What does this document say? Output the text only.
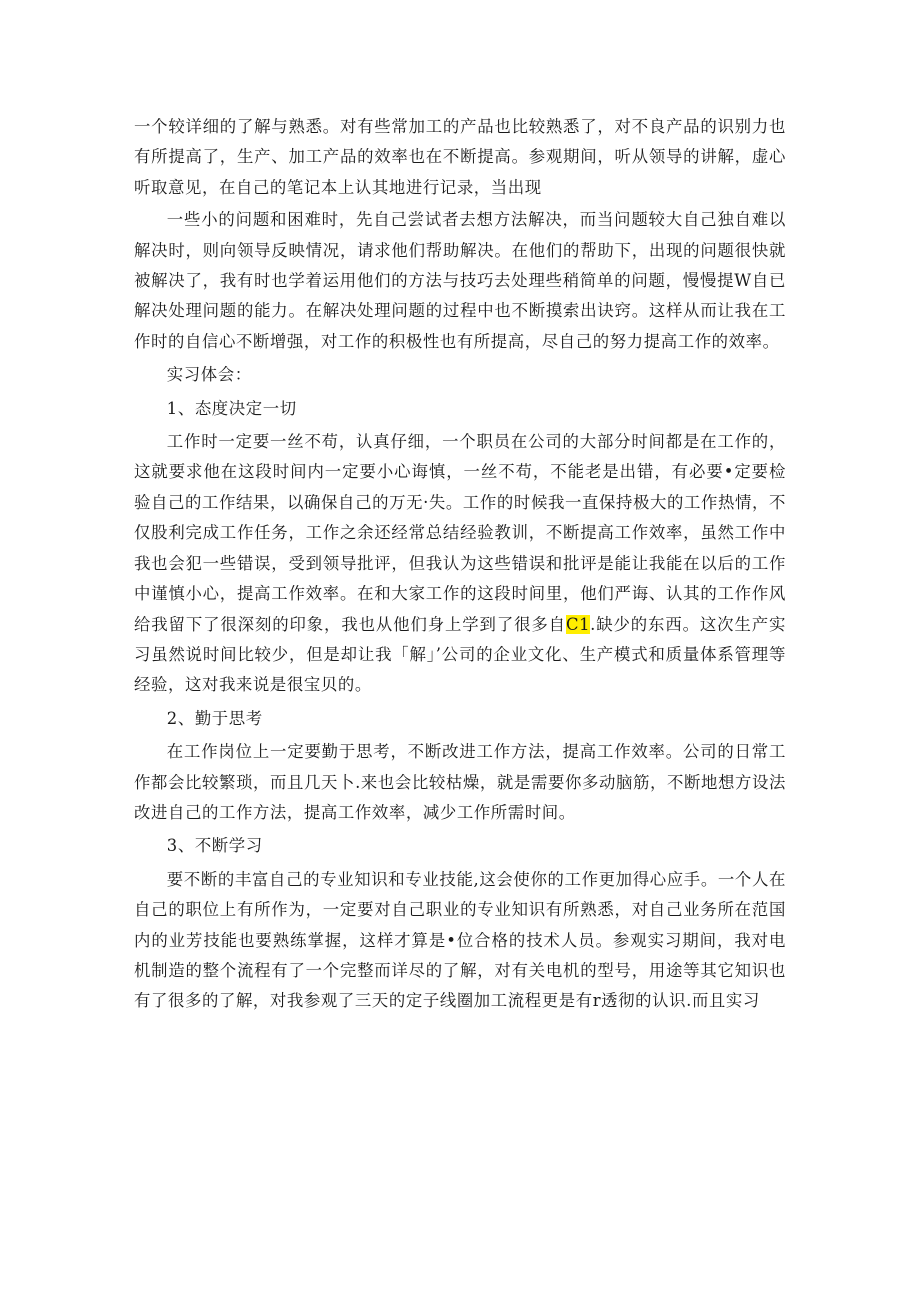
一个较详细的了解与熟悉。对有些常加工的产品也比较熟悉了，对不良产品的识别力也有所提高了，生产、加工产品的效率也在不断提高。参观期间，听从领导的讲解，虚心听取意见，在自己的笔记本上认其地进行记录，当出现

一些小的问题和困难时，先自己尝试者去想方法解决，而当问题较大自己独自难以解决时，则向领导反映情况，请求他们帮助解决。在他们的帮助下，出现的问题很快就被解决了，我有时也学着运用他们的方法与技巧去处理些稍简单的问题，慢慢提W自已解决处理问题的能力。在解决处理问题的过程中也不断摸索出诀窍。这样从而让我在工作时的自信心不断增强，对工作的积极性也有所提高，尽自己的努力提高工作的效率。

实习体会：

1、态度决定一切

工作时一定要一丝不苟，认真仔细，一个职员在公司的大部分时间都是在工作的，这就要求他在这段时间内一定要小心诲慎，一丝不苟，不能老是出错，有必要•定要检验自己的工作结果，以确保自己的万无·失。工作的时候我一直保持极大的工作热情，不仅股利完成工作任务，工作之余还经常总结经验教训，不断提高工作效率，虽然工作中我也会犯一些错误，受到领导批评，但我认为这些错误和批评是能让我能在以后的工作中谨慎小心，提高工作效率。在和大家工作的这段时间里，他们严诲、认其的工作作风给我留下了很深刻的印象，我也从他们身上学到了很多自C1.缺少的东西。这次生产实习虽然说时间比较少，但是却让我「解」’公司的企业文化、生产模式和质量体系管理等经验，这对我来说是很宝贝的。

2、勤于思考

在工作岗位上一定要勤于思考，不断改进工作方法，提高工作效率。公司的日常工作都会比较繁琐，而且几天卜.来也会比较枯燥，就是需要你多动脑筋，不断地想方设法改进自己的工作方法，提高工作效率，减少工作所需时间。

3、不断学习

要不断的丰富自己的专业知识和专业技能,这会使你的工作更加得心应手。一个人在自己的职位上有所作为，一定要对自己职业的专业知识有所熟悉，对自己业务所在范国内的业芳技能也要熟练掌握，这样才算是•位合格的技术人员。参观实习期间，我对电机制造的整个流程有了一个完整而详尽的了解，对有关电机的型号，用途等其它知识也有了很多的了解，对我参观了三天的定子线圈加工流程更是有r透彻的认识.而且实习
